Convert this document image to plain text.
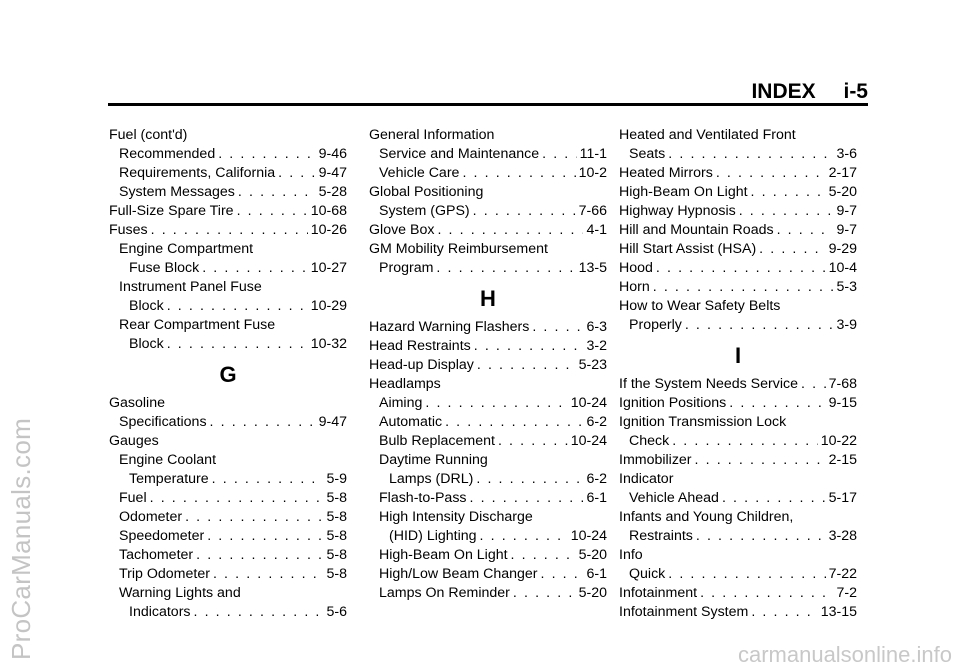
ProCarManuals.com
INDEX i-5
Fuel (cont'd)
Recommended . . .	9-46
Requirements, California . . .	9-47
System Messages . . .	5-28
Full-Size Spare Tire . . .	10-68
Fuses . . .	10-26
Engine Compartment
Fuse Block . . .	10-27
Instrument Panel Fuse
Block . . .	10-29
Rear Compartment Fuse
Block . . .	10-32
G
Gasoline
Specifications . . .	9-47
Gauges
Engine Coolant
Temperature . . .	5-9
Fuel . . .	5-8
Odometer . . .	5-8
Speedometer . . .	5-8
Tachometer . . .	5-8
Trip Odometer . . .	5-8
Warning Lights and
Indicators . . .	5-6
General Information
Service and Maintenance . . .	11-1
Vehicle Care . . .	10-2
Global Positioning
System (GPS) . . .	7-66
Glove Box . . .	4-1
GM Mobility Reimbursement
Program . . .	13-5
H
Hazard Warning Flashers . . .	6-3
Head Restraints . . .	3-2
Head-up Display . . .	5-23
Headlamps
Aiming . . .	10-24
Automatic . . .	6-2
Bulb Replacement . . .	10-24
Daytime Running
Lamps (DRL) . . .	6-2
Flash-to-Pass . . .	6-1
High Intensity Discharge
(HID) Lighting . . .	10-24
High-Beam On Light . . .	5-20
High/Low Beam Changer . . .	6-1
Lamps On Reminder . . .	5-20
Heated and Ventilated Front
Seats . . .	3-6
Heated Mirrors . . .	2-17
High-Beam On Light . . .	5-20
Highway Hypnosis . . .	9-7
Hill and Mountain Roads . . .	9-7
Hill Start Assist (HSA) . . .	9-29
Hood . . .	10-4
Horn . . .	5-3
How to Wear Safety Belts
Properly . . .	3-9
I
If the System Needs Service . . . 7-68
Ignition Positions . . .	9-15
Ignition Transmission Lock
Check . . .	10-22
Immobilizer . . .	2-15
Indicator
Vehicle Ahead . . .	5-17
Infants and Young Children,
Restraints . . .	3-28
Info
Quick . . .	7-22
Infotainment . . .	7-2
Infotainment System . . .	13-15
carmanualsonline.info
